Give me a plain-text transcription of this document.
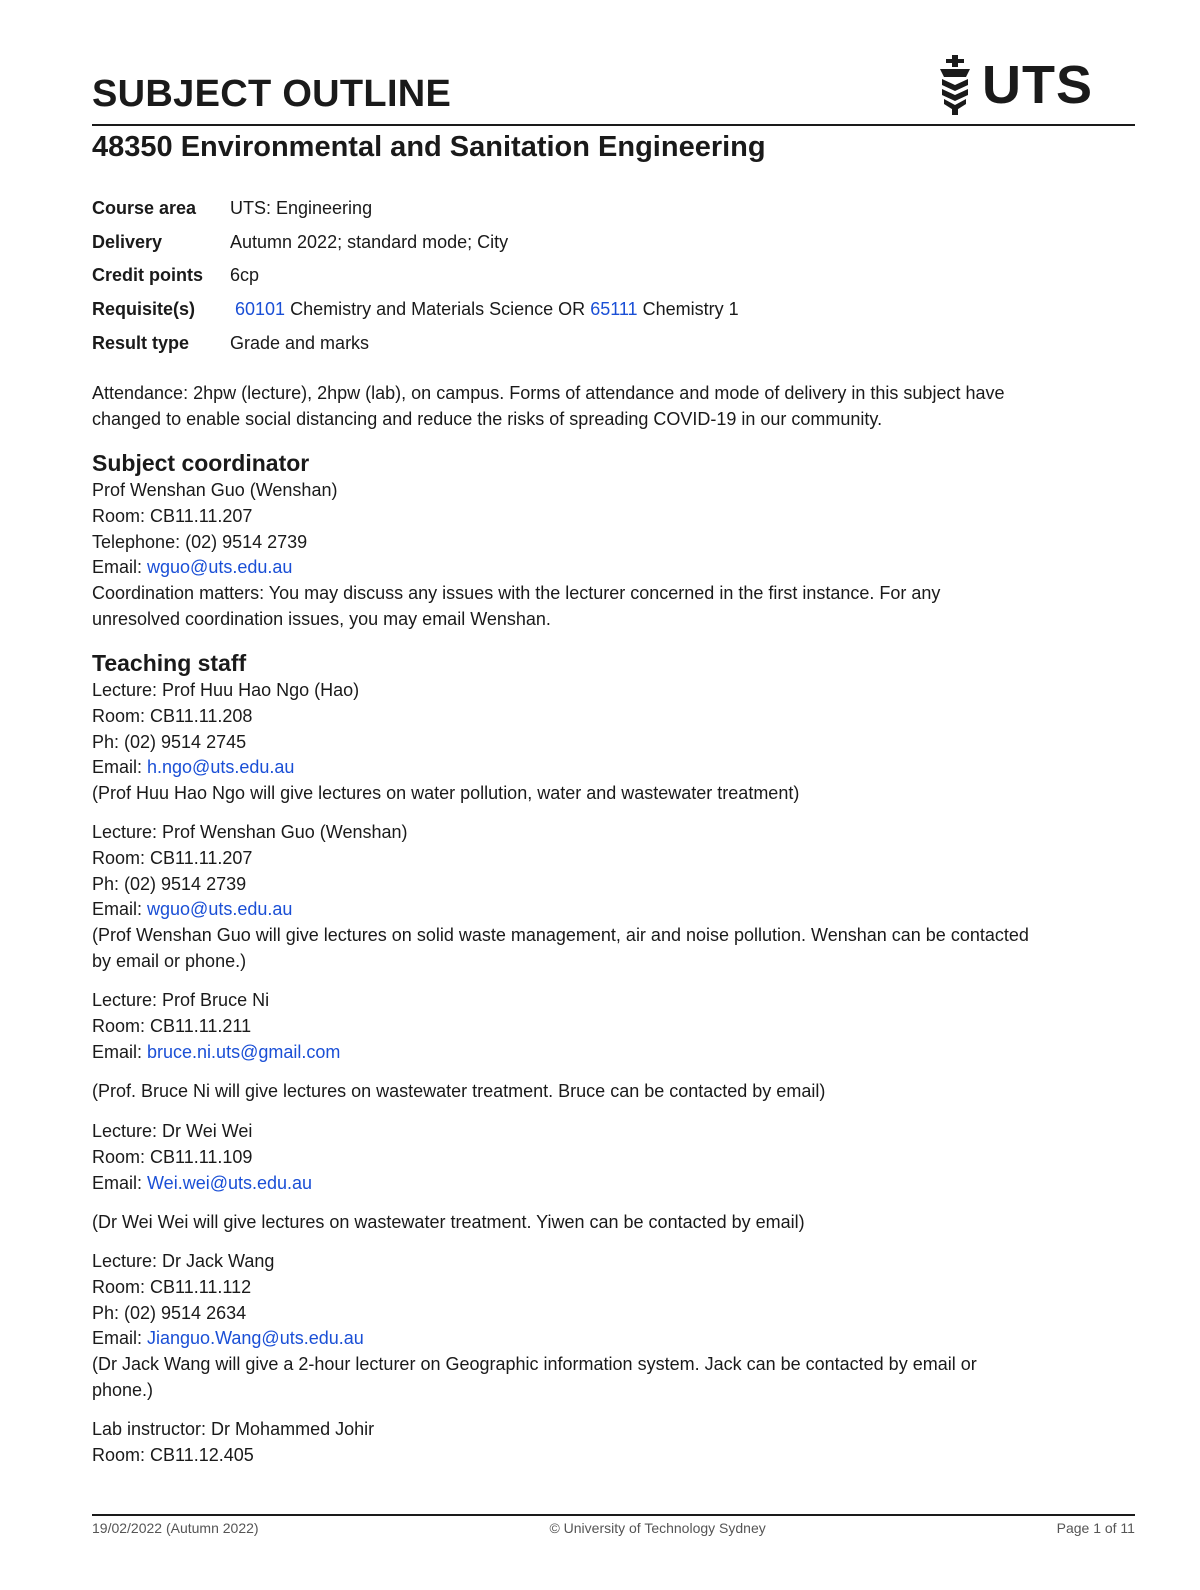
SUBJECT OUTLINE	UTS
48350 Environmental and Sanitation Engineering
Course area	UTS: Engineering
Delivery	Autumn 2022; standard mode; City
Credit points	6cp
Requisite(s)	60101 Chemistry and Materials Science OR 65111 Chemistry 1
Result type	Grade and marks

Attendance: 2hpw (lecture), 2hpw (lab), on campus. Forms of attendance and mode of delivery in this subject have

changed to enable social distancing and reduce the risks of spreading COVID-19 in our community.

Subject coordinator

Prof Wenshan Guo (Wenshan)

Room: CB11.11.207

Telephone: (02) 9514 2739

Email: wguo@uts.edu.au

Coordination matters: You may discuss any issues with the lecturer concerned in the first instance. For any

unresolved coordination issues, you may email Wenshan.

Teaching staff

Lecture: Prof Huu Hao Ngo (Hao)

Room: CB11.11.208

Ph: (02) 9514 2745

Email: h.ngo@uts.edu.au

(Prof Huu Hao Ngo will give lectures on water pollution, water and wastewater treatment)

Lecture: Prof Wenshan Guo (Wenshan)

Room: CB11.11.207

Ph: (02) 9514 2739

Email: wguo@uts.edu.au

(Prof Wenshan Guo will give lectures on solid waste management, air and noise pollution. Wenshan can be contacted

by email or phone.)

Lecture: Prof Bruce Ni

Room: CB11.11.211

Email: bruce.ni.uts@gmail.com

(Prof. Bruce Ni will give lectures on wastewater treatment. Bruce can be contacted by email)

Lecture: Dr Wei Wei

Room: CB11.11.109

Email: Wei.wei@uts.edu.au

(Dr Wei Wei will give lectures on wastewater treatment. Yiwen can be contacted by email)

Lecture: Dr Jack Wang

Room: CB11.11.112

Ph: (02) 9514 2634

Email: Jianguo.Wang@uts.edu.au

(Dr Jack Wang will give a 2-hour lecturer on Geographic information system. Jack can be contacted by email or

phone.)

Lab instructor: Dr Mohammed Johir

Room: CB11.12.405

19/02/2022 (Autumn 2022)	© University of Technology Sydney	Page 1 of 11
